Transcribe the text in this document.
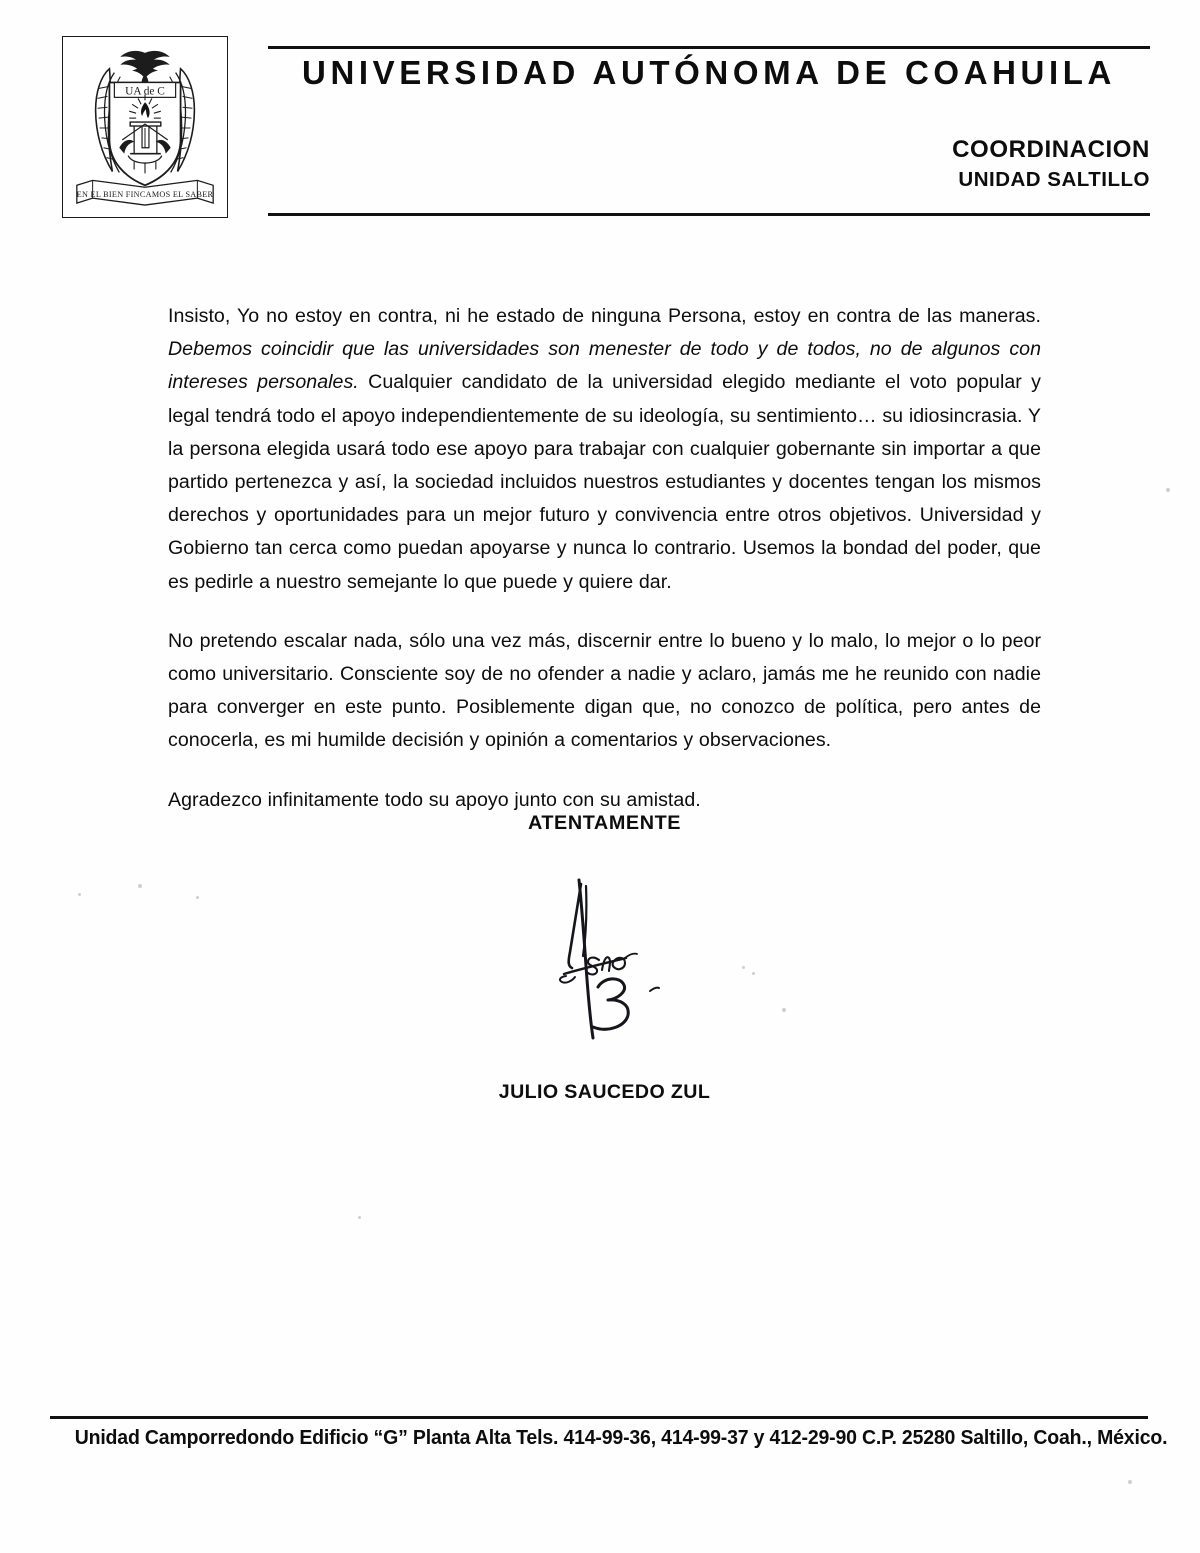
UA de C
EN EL BIEN FINCAMOS EL SABER
UNIVERSIDAD AUTÓNOMA DE COAHUILA
COORDINACION
UNIDAD SALTILLO

Insisto, Yo no estoy en contra, ni he estado de ninguna Persona, estoy en contra de las maneras. Debemos coincidir que las universidades son menester de todo y de todos, no de algunos con intereses personales. Cualquier candidato de la universidad elegido mediante el voto popular y legal tendrá todo el apoyo independientemente de su ideología, su sentimiento… su idiosincrasia. Y la persona elegida usará todo ese apoyo para trabajar con cualquier gobernante sin importar a que partido pertenezca y así, la sociedad incluidos nuestros estudiantes y docentes tengan los mismos derechos y oportunidades para un mejor futuro y convivencia entre otros objetivos. Universidad y Gobierno tan cerca como puedan apoyarse y nunca lo contrario. Usemos la bondad del poder, que es pedirle a nuestro semejante lo que puede y quiere dar.

No pretendo escalar nada, sólo una vez más, discernir entre lo bueno y lo malo, lo mejor o lo peor como universitario. Consciente soy de no ofender a nadie y aclaro, jamás me he reunido con nadie para converger en este punto. Posiblemente digan que, no conozco de política, pero antes de conocerla, es mi humilde decisión y opinión a comentarios y observaciones.

Agradezco infinitamente todo su apoyo junto con su amistad.

ATENTAMENTE
JULIO SAUCEDO ZUL
Unidad Camporredondo Edificio “G” Planta Alta Tels. 414-99-36, 414-99-37 y 412-29-90 C.P. 25280 Saltillo, Coah., México.
